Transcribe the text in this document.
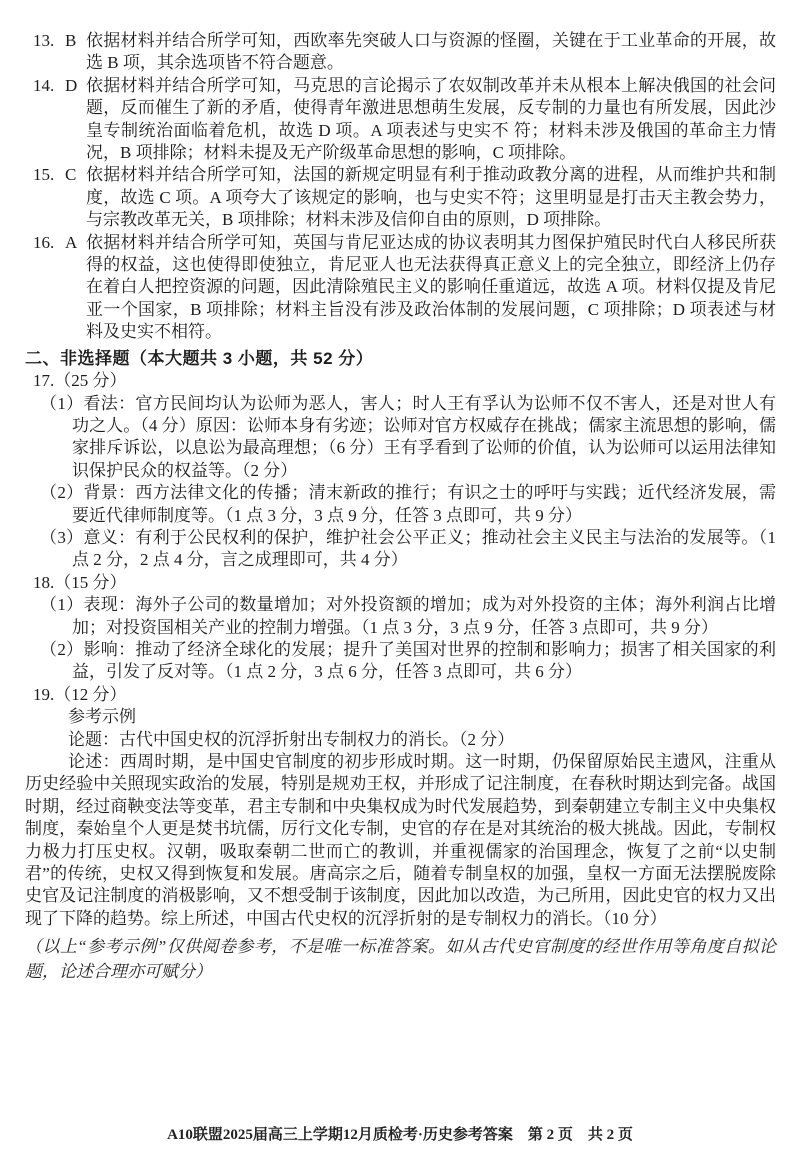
13. B 依据材料并结合所学可知，西欧率先突破人口与资源的怪圈，关键在于工业革命的开展，故选 B 项，其余选项皆不符合题意。
14. D 依据材料并结合所学可知，马克思的言论揭示了农奴制改革并未从根本上解决俄国的社会问题，反而催生了新的矛盾，使得青年激进思想萌生发展，反专制的力量也有所发展，因此沙皇专制统治面临着危机，故选 D 项。A 项表述与史实不 符；材料未涉及俄国的革命主力情况，B 项排除；材料未提及无产阶级革命思想的影响，C 项排除。
15. C 依据材料并结合所学可知，法国的新规定明显有利于推动政教分离的进程，从而维护共和制度，故选 C 项。A 项夸大了该规定的影响，也与史实不符；这里明显是打击天主教会势力，与宗教改革无关，B 项排除；材料未涉及信仰自由的原则，D 项排除。
16. A 依据材料并结合所学可知，英国与肯尼亚达成的协议表明其力图保护殖民时代白人移民所获得的权益，这也使得即使独立，肯尼亚人也无法获得真正意义上的完全独立，即经济上仍存在着白人把控资源的问题，因此清除殖民主义的影响任重道远，故选 A 项。材料仅提及肯尼亚一个国家，B 项排除；材料主旨没有涉及政治体制的发展问题，C 项排除；D 项表述与材料及史实不相符。
二、非选择题（本大题共 3 小题，共 52 分）
17.（25 分）
（1）看法：官方民间均认为讼师为恶人，害人；时人王有孚认为讼师不仅不害人，还是对世人有功之人。（4 分）原因：讼师本身有劣迹；讼师对官方权威存在挑战；儒家主流思想的影响，儒家排斥诉讼，以息讼为最高理想；（6 分）王有孚看到了讼师的价值，认为讼师可以运用法律知识保护民众的权益等。（2 分）
（2）背景：西方法律文化的传播；清末新政的推行；有识之士的呼吁与实践；近代经济发展，需要近代律师制度等。（1 点 3 分，3 点 9 分，任答 3 点即可，共 9 分）
（3）意义：有利于公民权利的保护，维护社会公平正义；推动社会主义民主与法治的发展等。（1 点 2 分，2 点 4 分，言之成理即可，共 4 分）
18.（15 分）
（1）表现：海外子公司的数量增加；对外投资额的增加；成为对外投资的主体；海外利润占比增加；对投资国相关产业的控制力增强。（1 点 3 分，3 点 9 分，任答 3 点即可，共 9 分）
（2）影响：推动了经济全球化的发展；提升了美国对世界的控制和影响力；损害了相关国家的利益，引发了反对等。（1 点 2 分，3 点 6 分，任答 3 点即可，共 6 分）
19.（12 分）
参考示例
论题：古代中国史权的沉浮折射出专制权力的消长。（2 分）
论述：西周时期，是中国史官制度的初步形成时期。这一时期，仍保留原始民主遗风，注重从历史经验中关照现实政治的发展，特别是规劝王权，并形成了记注制度，在春秋时期达到完备。战国时期，经过商鞅变法等变革，君主专制和中央集权成为时代发展趋势，到秦朝建立专制主义中央集权制度，秦始皇个人更是焚书坑儒，厉行文化专制，史官的存在是对其统治的极大挑战。因此，专制权力极力打压史权。汉朝，吸取秦朝二世而亡的教训，并重视儒家的治国理念，恢复了之前“以史制君”的传统，史权又得到恢复和发展。唐高宗之后，随着专制皇权的加强，皇权一方面无法摆脱废除史官及记注制度的消极影响，又不想受制于该制度，因此加以改造，为己所用，因此史官的权力又出现了下降的趋势。综上所述，中国古代史权的沉浮折射的是专制权力的消长。（10 分）
（以上“参考示例”仅供阅卷参考，不是唯一标准答案。如从古代史官制度的经世作用等角度自拟论题，论述合理亦可赋分）
A10联盟2025届高三上学期12月质检考·历史参考答案　第 2 页　共 2 页
